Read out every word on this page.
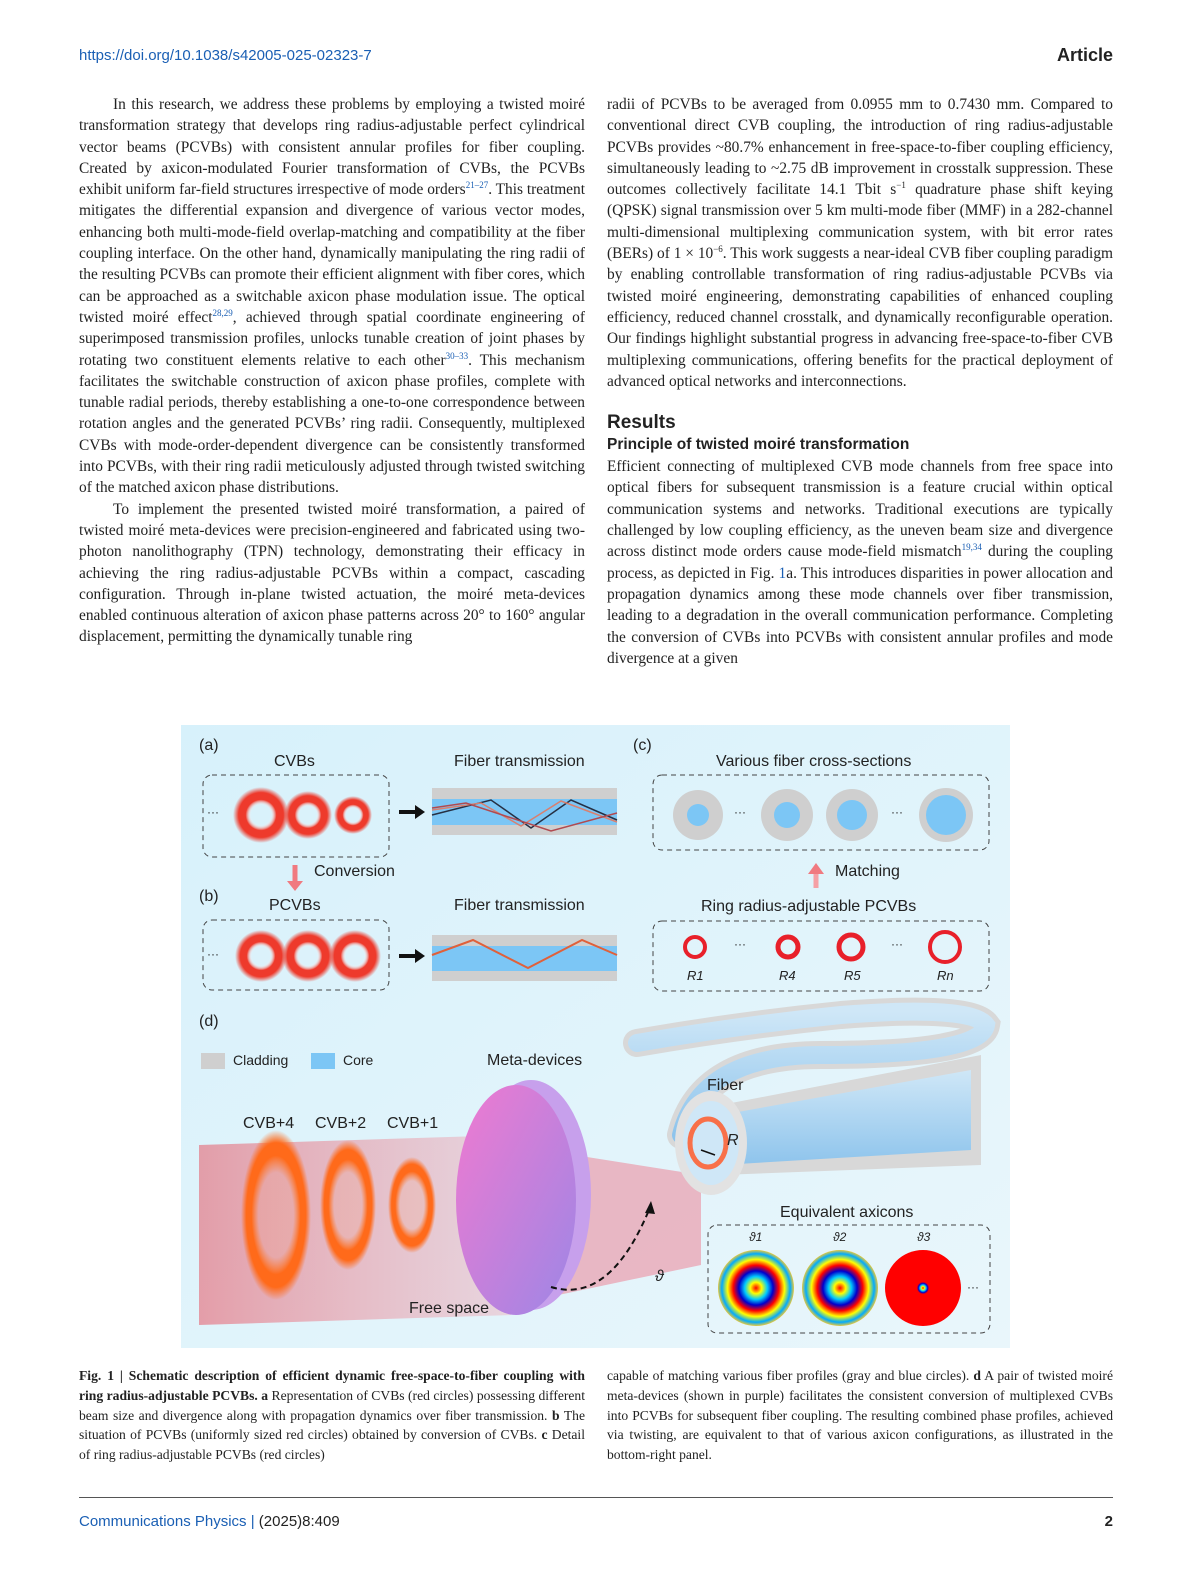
https://doi.org/10.1038/s42005-025-02323-7	Article

In this research, we address these problems by employing a twisted moiré transformation strategy that develops ring radius-adjustable perfect cylindrical vector beams (PCVBs) with consistent annular profiles for fiber coupling. Created by axicon-modulated Fourier transformation of CVBs, the PCVBs exhibit uniform far-field structures irrespective of mode orders$^{21-27}$. This treatment mitigates the differential expansion and divergence of various vector modes, enhancing both multi-mode-field overlap-matching and compatibility at the fiber coupling interface. On the other hand, dynamically manipulating the ring radii of the resulting PCVBs can promote their efficient alignment with fiber cores, which can be approached as a switchable axicon phase modulation issue. The optical twisted moiré effect$^{28,29}$, achieved through spatial coordinate engineering of superimposed transmission profiles, unlocks tunable creation of joint phases by rotating two constituent elements relative to each other$^{30-33}$. This mechanism facilitates the switchable construction of axicon phase profiles, complete with tunable radial periods, thereby establishing a one-to-one correspondence between rotation angles and the generated PCVBs’ ring radii. Consequently, multiplexed CVBs with mode-order-dependent divergence can be consistently transformed into PCVBs, with their ring radii meticulously adjusted through twisted switching of the matched axicon phase distributions.

To implement the presented twisted moiré transformation, a paired of twisted moiré meta-devices were precision-engineered and fabricated using two-photon nanolithography (TPN) technology, demonstrating their efficacy in achieving the ring radius-adjustable PCVBs within a compact, cascading configuration. Through in-plane twisted actuation, the moiré meta-devices enabled continuous alteration of axicon phase patterns across 20° to 160° angular displacement, permitting the dynamically tunable ring

radii of PCVBs to be averaged from 0.0955 mm to 0.7430 mm. Compared to conventional direct CVB coupling, the introduction of ring radius-adjustable PCVBs provides ~80.7% enhancement in free-space-to-fiber coupling efficiency, simultaneously leading to ~2.75 dB improvement in crosstalk suppression. These outcomes collectively facilitate 14.1 Tbit $s^{-1}$ quadrature phase shift keying (QPSK) signal transmission over 5 km multi-mode fiber (MMF) in a 282-channel multi-dimensional multiplexing communication system, with bit error rates (BERs) of $1 \times 10^{-6}$. This work suggests a near-ideal CVB fiber coupling paradigm by enabling controllable transformation of ring radius-adjustable PCVBs via twisted moiré engineering, demonstrating capabilities of enhanced coupling efficiency, reduced channel crosstalk, and dynamically reconfigurable operation. Our findings highlight substantial progress in advancing free-space-to-fiber CVB multiplexing communications, offering benefits for the practical deployment of advanced optical networks and interconnections.

Results
Principle of twisted moiré transformation

Efficient connecting of multiplexed CVB mode channels from free space into optical fibers for subsequent transmission is a feature crucial within optical communication systems and networks. Traditional executions are typically challenged by low coupling efficiency, as the uneven beam size and divergence across distinct mode orders cause mode-field mismatch$^{19,34}$ during the coupling process, as depicted in Fig. 1a. This introduces disparities in power allocation and propagation dynamics among these mode channels over fiber transmission, leading to a degradation in the overall communication performance. Completing the conversion of CVBs into PCVBs with consistent annular profiles and mode divergence at a given

(a)
CVBs	Fiber transmission
···
Conversion
(b)
PCVBs	Fiber transmission
···
(c)
Various fiber cross-sections
···	···
Matching
Ring radius-adjustable PCVBs
···	···
R1	R4	R5	Rn
(d)
Cladding	Core	Meta-devices
Fiber
R
CVB+4 CVB+2 CVB+1
Free space
ϑ
Equivalent axicons
ϑ1	ϑ2	ϑ3
···
Fig. 1 | Schematic description of efficient dynamic free-space-to-fiber coupling with ring radius-adjustable PCVBs. a Representation of CVBs (red circles) possessing different beam size and divergence along with propagation dynamics over fiber transmission. b The situation of PCVBs (uniformly sized red circles) obtained by conversion of CVBs. c Detail of ring radius-adjustable PCVBs (red circles)
capable of matching various fiber profiles (gray and blue circles). d A pair of twisted moiré meta-devices (shown in purple) facilitates the consistent conversion of multiplexed CVBs into PCVBs for subsequent fiber coupling. The resulting combined phase profiles, achieved via twisting, are equivalent to that of various axicon configurations, as illustrated in the bottom-right panel.
Communications Physics | (2025)8:409	2
